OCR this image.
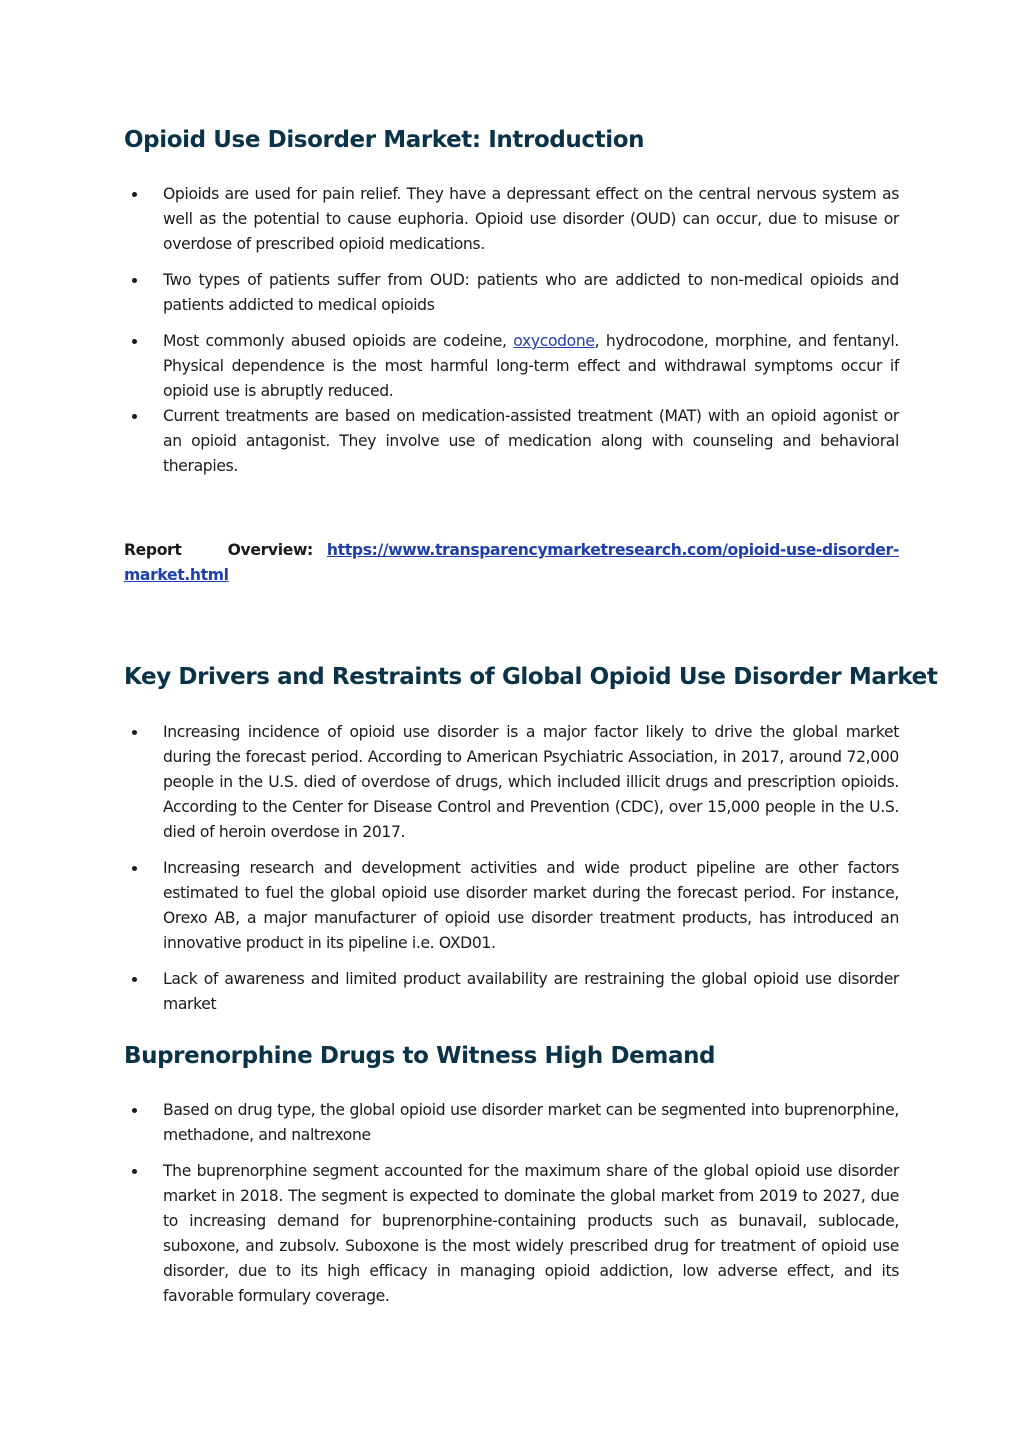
Opioid Use Disorder Market: Introduction
Opioids are used for pain relief. They have a depressant effect on the central nervous system as well as the potential to cause euphoria. Opioid use disorder (OUD) can occur, due to misuse or overdose of prescribed opioid medications.
Two types of patients suffer from OUD: patients who are addicted to non-medical opioids and patients addicted to medical opioids
Most commonly abused opioids are codeine, oxycodone, hydrocodone, morphine, and fentanyl. Physical dependence is the most harmful long-term effect and withdrawal symptoms occur if opioid use is abruptly reduced.
Current treatments are based on medication-assisted treatment (MAT) with an opioid agonist or an opioid antagonist. They involve use of medication along with counseling and behavioral therapies.
Report Overview: https://www.transparencymarketresearch.com/opioid-use-disorder-market.html
Key Drivers and Restraints of Global Opioid Use Disorder Market
Increasing incidence of opioid use disorder is a major factor likely to drive the global market during the forecast period. According to American Psychiatric Association, in 2017, around 72,000 people in the U.S. died of overdose of drugs, which included illicit drugs and prescription opioids. According to the Center for Disease Control and Prevention (CDC), over 15,000 people in the U.S. died of heroin overdose in 2017.
Increasing research and development activities and wide product pipeline are other factors estimated to fuel the global opioid use disorder market during the forecast period. For instance, Orexo AB, a major manufacturer of opioid use disorder treatment products, has introduced an innovative product in its pipeline i.e. OXD01.
Lack of awareness and limited product availability are restraining the global opioid use disorder market
Buprenorphine Drugs to Witness High Demand
Based on drug type, the global opioid use disorder market can be segmented into buprenorphine, methadone, and naltrexone
The buprenorphine segment accounted for the maximum share of the global opioid use disorder market in 2018. The segment is expected to dominate the global market from 2019 to 2027, due to increasing demand for buprenorphine-containing products such as bunavail, sublocade, suboxone, and zubsolv. Suboxone is the most widely prescribed drug for treatment of opioid use disorder, due to its high efficacy in managing opioid addiction, low adverse effect, and its favorable formulary coverage.
